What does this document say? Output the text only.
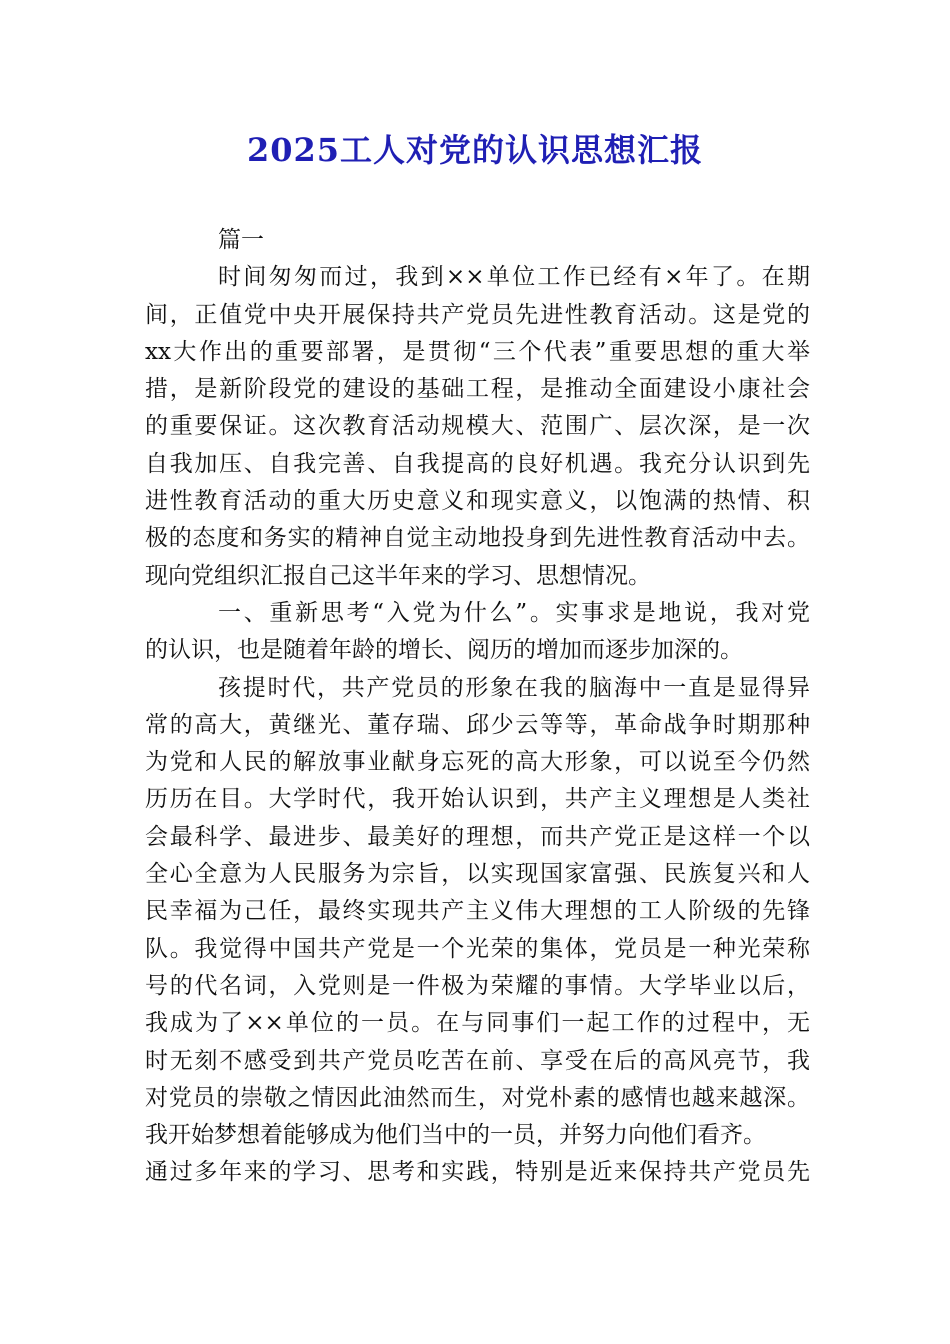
2025工人对党的认识思想汇报
篇一
时间匆匆而过，我到××单位工作已经有×年了。在期
间，正值党中央开展保持共产党员先进性教育活动。这是党的
xx大作出的重要部署，是贯彻“三个代表”重要思想的重大举
措，是新阶段党的建设的基础工程，是推动全面建设小康社会
的重要保证。这次教育活动规模大、范围广、层次深，是一次
自我加压、自我完善、自我提高的良好机遇。我充分认识到先
进性教育活动的重大历史意义和现实意义，以饱满的热情、积
极的态度和务实的精神自觉主动地投身到先进性教育活动中去。
现向党组织汇报自己这半年来的学习、思想情况。
一、重新思考“入党为什么”。实事求是地说，我对党
的认识，也是随着年龄的增长、阅历的增加而逐步加深的。
孩提时代，共产党员的形象在我的脑海中一直是显得异
常的高大，黄继光、董存瑞、邱少云等等，革命战争时期那种
为党和人民的解放事业献身忘死的高大形象，可以说至今仍然
历历在目。大学时代，我开始认识到，共产主义理想是人类社
会最科学、最进步、最美好的理想，而共产党正是这样一个以
全心全意为人民服务为宗旨，以实现国家富强、民族复兴和人
民幸福为己任，最终实现共产主义伟大理想的工人阶级的先锋
队。我觉得中国共产党是一个光荣的集体，党员是一种光荣称
号的代名词，入党则是一件极为荣耀的事情。大学毕业以后，
我成为了××单位的一员。在与同事们一起工作的过程中，无
时无刻不感受到共产党员吃苦在前、享受在后的高风亮节，我
对党员的崇敬之情因此油然而生，对党朴素的感情也越来越深。
我开始梦想着能够成为他们当中的一员，并努力向他们看齐。
通过多年来的学习、思考和实践，特别是近来保持共产党员先
